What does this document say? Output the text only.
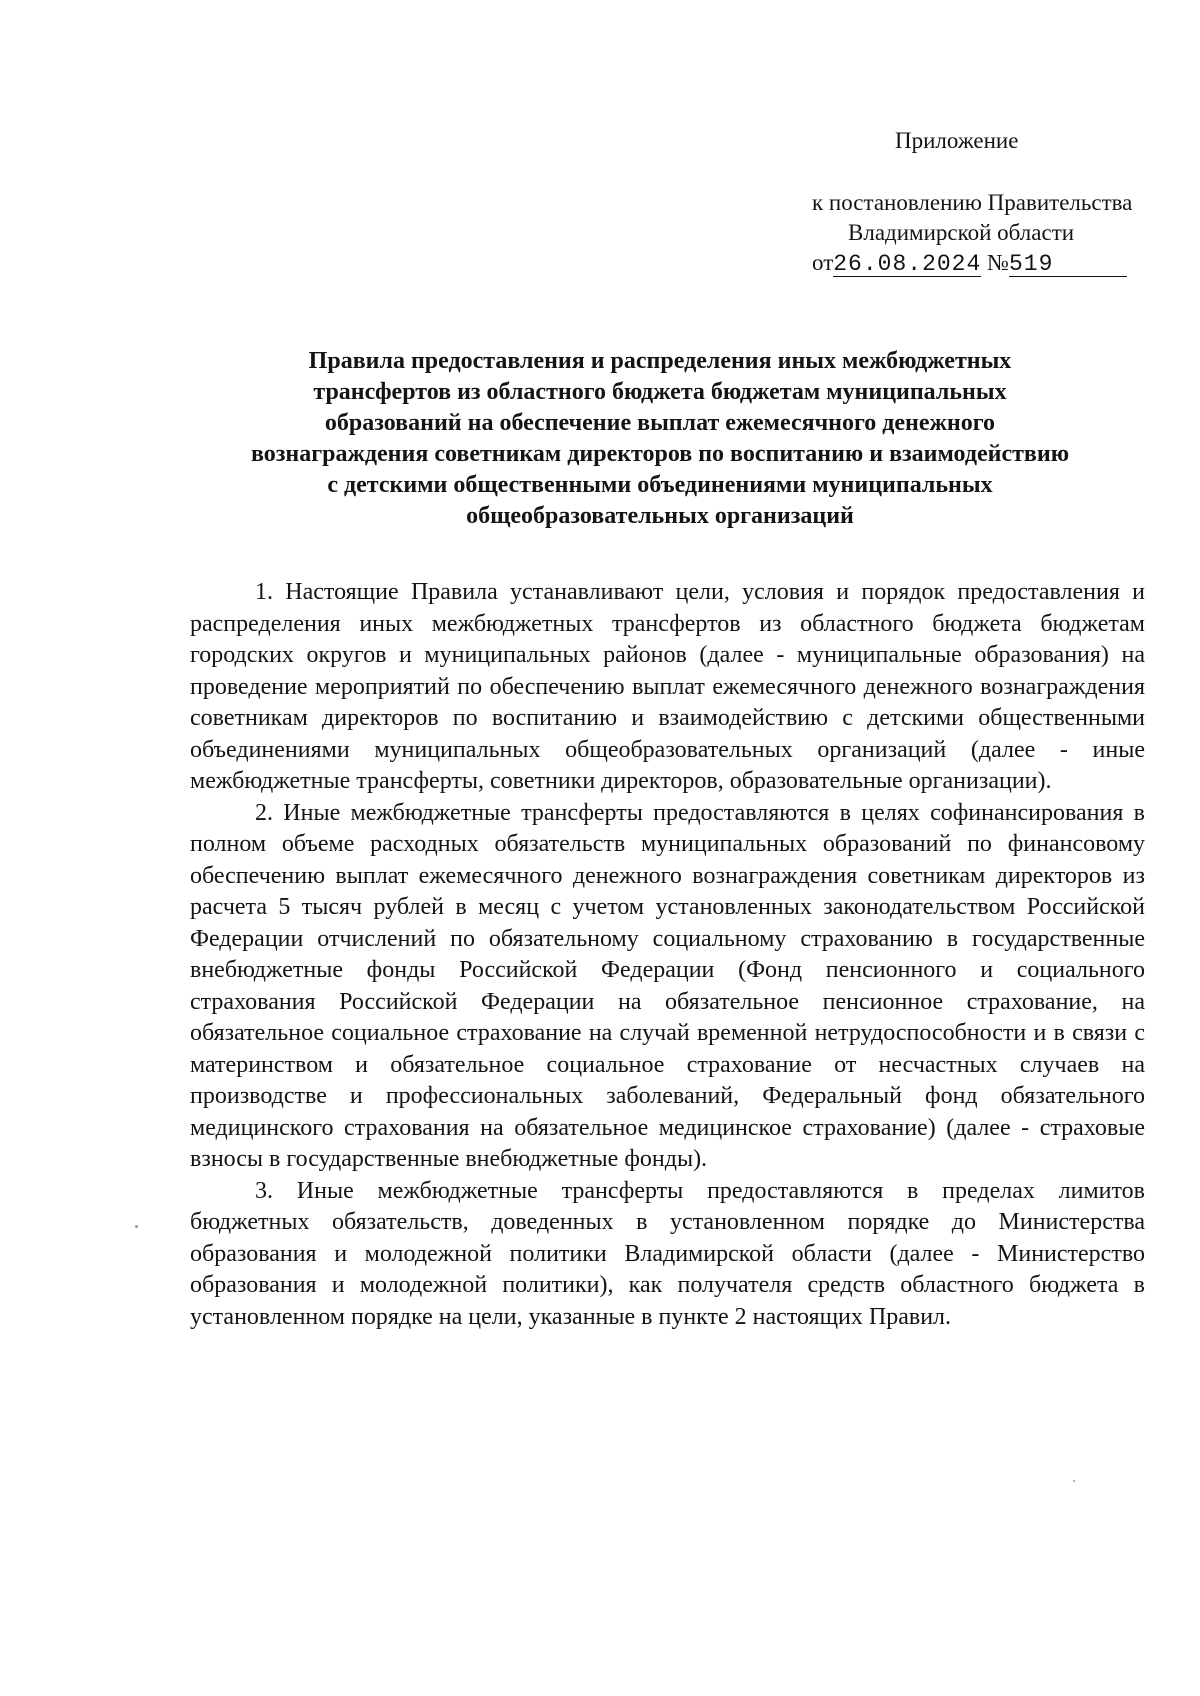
Приложение
к постановлению Правительства
Владимирской области
от26.08.2024 №519
Правила предоставления и распределения иных межбюджетных
трансфертов из областного бюджета бюджетам муниципальных
образований на обеспечение выплат ежемесячного денежного
вознаграждения советникам директоров по воспитанию и взаимодействию
с детскими общественными объединениями муниципальных
общеобразовательных организаций

1. Настоящие Правила устанавливают цели, условия и порядок предоставления и распределения иных межбюджетных трансфертов из областного бюджета бюджетам городских округов и муниципальных районов (далее - муниципальные образования) на проведение мероприятий по обеспечению выплат ежемесячного денежного вознаграждения советникам директоров по воспитанию и взаимодействию с детскими общественными объединениями муниципальных общеобразовательных организаций (далее - иные межбюджетные трансферты, советники директоров, образовательные организации).

2. Иные межбюджетные трансферты предоставляются в целях софинансирования в полном объеме расходных обязательств муниципальных образований по финансовому обеспечению выплат ежемесячного денежного вознаграждения советникам директоров из расчета 5 тысяч рублей в месяц с учетом установленных законодательством Российской Федерации отчислений по обязательному социальному страхованию в государственные внебюджетные фонды Российской Федерации (Фонд пенсионного и социального страхования Российской Федерации на обязательное пенсионное страхование, на обязательное социальное страхование на случай временной нетрудоспособности и в связи с материнством и обязательное социальное страхование от несчастных случаев на производстве и профессиональных заболеваний, Федеральный фонд обязательного медицинского страхования на обязательное медицинское страхование) (далее - страховые взносы в государственные внебюджетные фонды).

3. Иные межбюджетные трансферты предоставляются в пределах лимитов бюджетных обязательств, доведенных в установленном порядке до Министерства образования и молодежной политики Владимирской области (далее - Министерство образования и молодежной политики), как получателя средств областного бюджета в установленном порядке на цели, указанные в пункте 2 настоящих Правил.
